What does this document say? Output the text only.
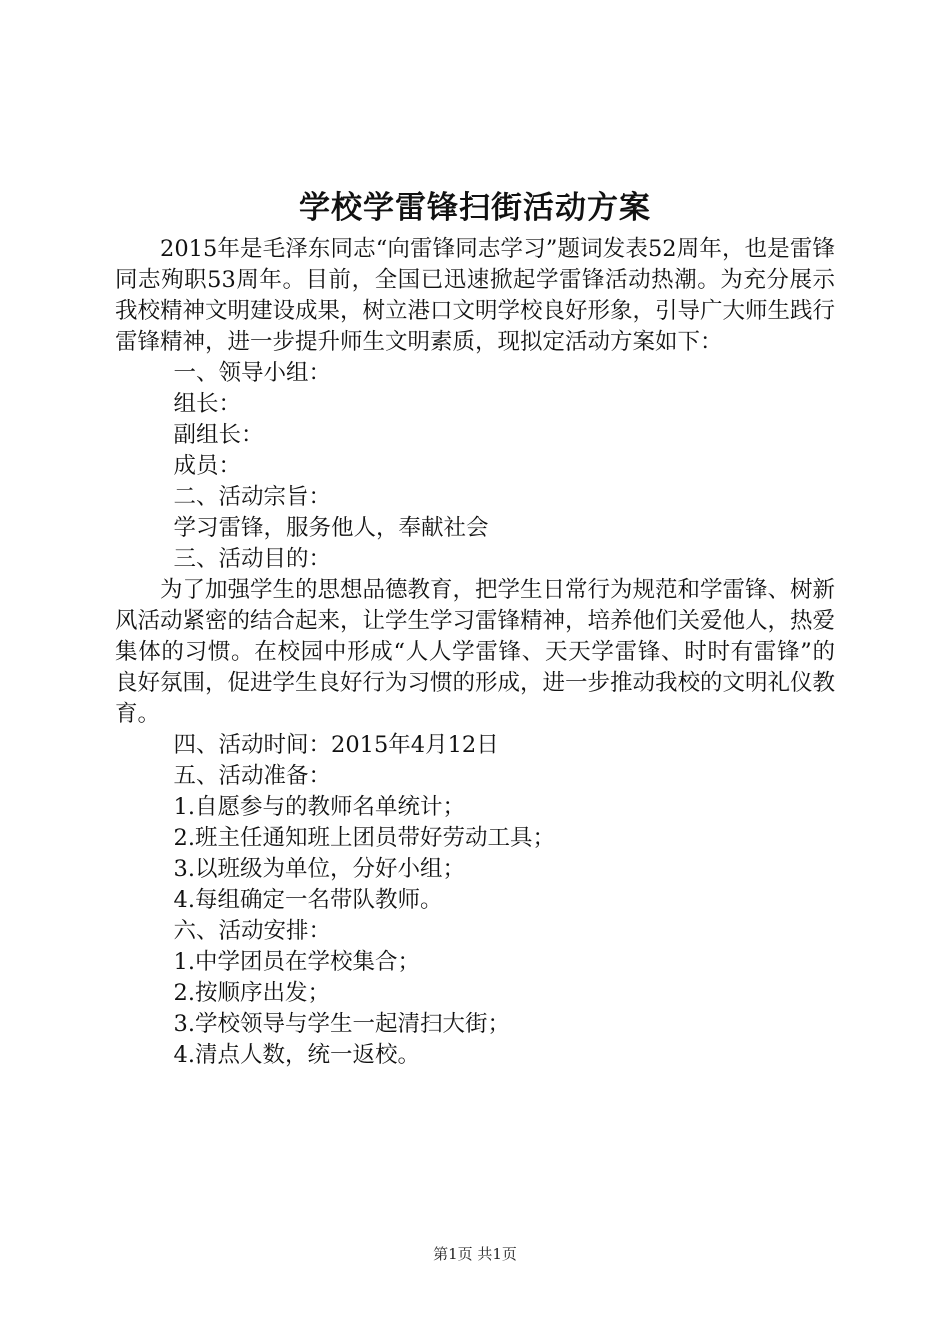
学校学雷锋扫街活动方案

2015年是毛泽东同志“向雷锋同志学习”题词发表52周年，也是雷锋同志殉职53周年。目前，全国已迅速掀起学雷锋活动热潮。为充分展示我校精神文明建设成果，树立港口文明学校良好形象，引导广大师生践行雷锋精神，进一步提升师生文明素质，现拟定活动方案如下：

一、领导小组：

组长：

副组长：

成员：

二、活动宗旨：

学习雷锋，服务他人，奉献社会

三、活动目的：

为了加强学生的思想品德教育，把学生日常行为规范和学雷锋、树新风活动紧密的结合起来，让学生学习雷锋精神，培养他们关爱他人，热爱集体的习惯。在校园中形成“人人学雷锋、天天学雷锋、时时有雷锋”的良好氛围，促进学生良好行为习惯的形成，进一步推动我校的文明礼仪教育。

四、活动时间：2015年4月12日

五、活动准备：

1.自愿参与的教师名单统计；

2.班主任通知班上团员带好劳动工具；

3.以班级为单位，分好小组；

4.每组确定一名带队教师。

六、活动安排：

1.中学团员在学校集合；

2.按顺序出发；

3.学校领导与学生一起清扫大街；

4.清点人数，统一返校。

第1页 共1页
